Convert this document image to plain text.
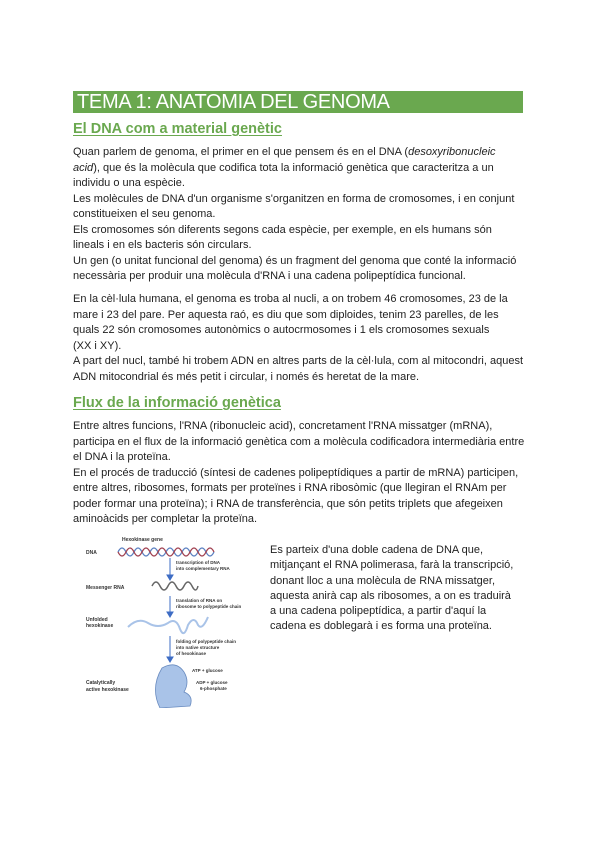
TEMA 1: ANATOMIA DEL GENOMA
El DNA com a material genètic
Quan parlem de genoma, el primer en el que pensem és en el DNA (desoxyribonucleic
acid), que és la molècula que codifica tota la informació genètica que caracteritza a un
individu o una espècie.
Les molècules de DNA d'un organisme s'organitzen en forma de cromosomes, i en conjunt
constitueixen el seu genoma.
Els cromosomes són diferents segons cada espècie, per exemple, en els humans són
lineals i en els bacteris són circulars.
Un gen (o unitat funcional del genoma) és un fragment del genoma que conté la informació
necessària per produir una molècula d'RNA i una cadena polipeptídica funcional.
En la cèl·lula humana, el genoma es troba al nucli, a on trobem 46 cromosomes, 23 de la
mare i 23 del pare. Per aquesta raó, es diu que som diploides, tenim 23 parelles, de les
quals 22 són cromosomes autonòmics o autocrmosomes i 1 els cromosomes sexuals
(XX i XY).
A part del nucl, també hi trobem ADN en altres parts de la cèl·lula, com al mitocondri, aquest
ADN mitocondrial és més petit i circular, i només és heretat de la mare.
Flux de la informació genètica
Entre altres funcions, l'RNA (ribonucleic acid), concretament l'RNA missatger (mRNA),
participa en el flux de la informació genètica com a molècula codificadora intermediària entre
el DNA i la proteïna.
En el procés de traducció (síntesi de cadenes polipeptídiques a partir de mRNA) participen,
entre altres, ribosomes, formats per proteïnes i RNA ribosòmic (que llegiran el RNAm per
poder formar una proteïna); i RNA de transferència, que són petits triplets que afegeixen
aminoàcids per completar la proteïna.
Hexokinase gene
DNA
transcription of DNA
into complementary RNA
Messenger RNA
translation of RNA on
ribosome to polypeptide chain
Unfolded
hexokinase
folding of polypeptide chain
into native structure
of hexokinase
ATP + glucose
ADP + glucose
6-phosphate
Catalytically
active hexokinase
Es parteix d'una doble cadena de DNA que,
mitjançant el RNA polimerasa, farà la transcripció,
donant lloc a una molècula de RNA missatger,
aquesta anirà cap als ribosomes, a on es traduirà
a una cadena polipeptídica, a partir d'aquí la
cadena es doblegarà i es forma una proteïna.
